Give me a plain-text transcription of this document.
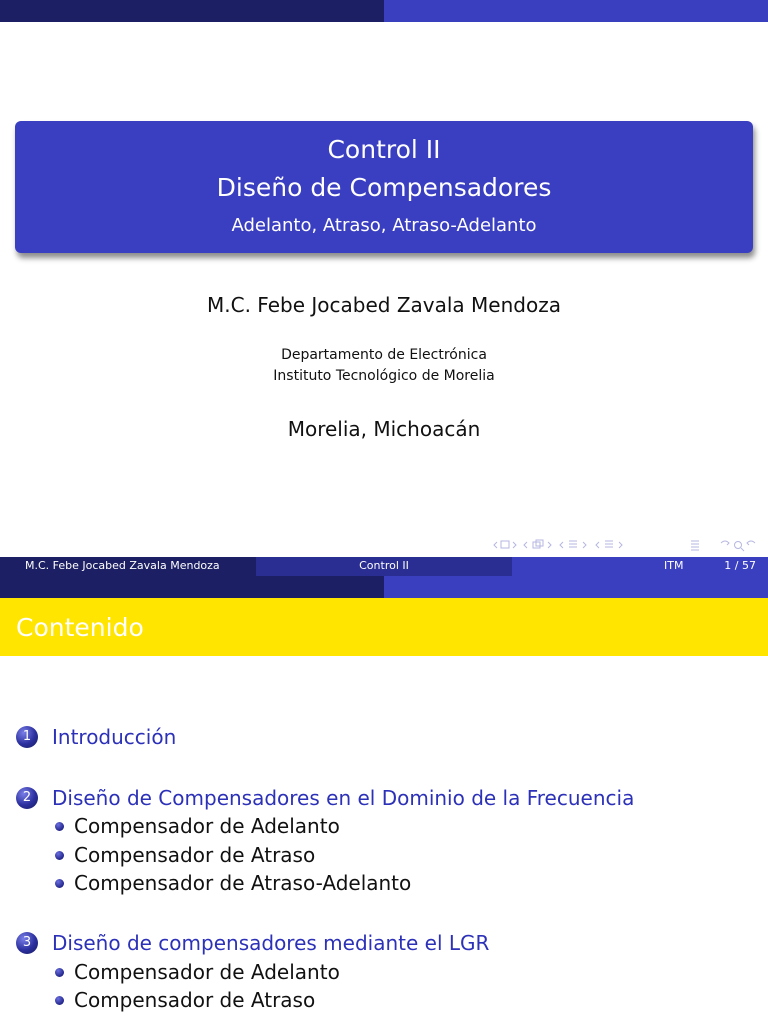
Control II
Diseño de Compensadores
Adelanto, Atraso, Atraso-Adelanto
M.C. Febe Jocabed Zavala Mendoza
Departamento de Electrónica
Instituto Tecnológico de Morelia
Morelia, Michoacán
M.C. Febe Jocabed Zavala Mendoza	Control II	ITM	1 / 57
Contenido
1	Introducción
2	Diseño de Compensadores en el Dominio de la Frecuencia
Compensador de Adelanto
Compensador de Atraso
Compensador de Atraso-Adelanto
3	Diseño de compensadores mediante el LGR
Compensador de Adelanto
Compensador de Atraso
